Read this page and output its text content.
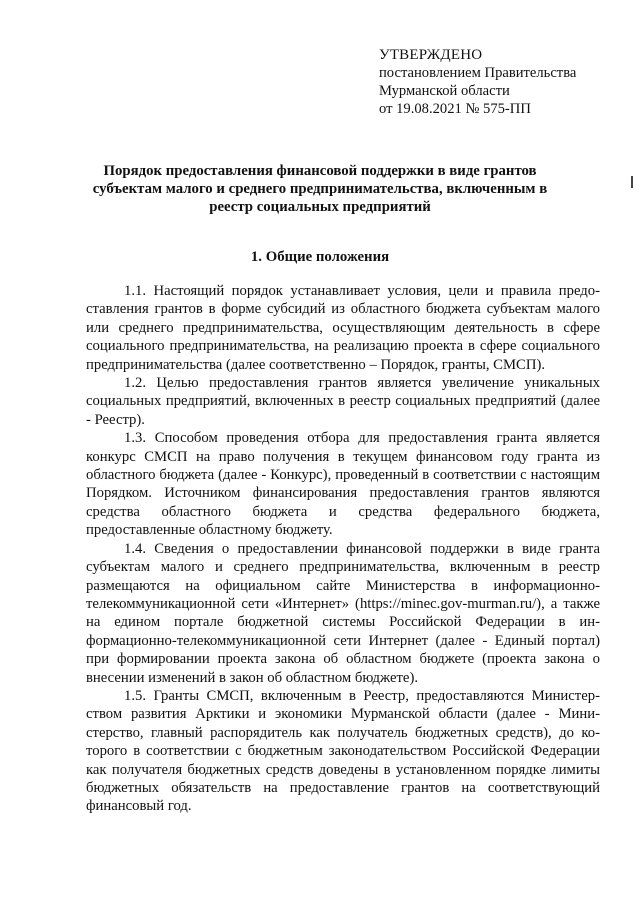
УТВЕРЖДЕНО
постановлением Правительства
Мурманской области
от 19.08.2021 № 575-ПП
Порядок предоставления финансовой поддержки в виде грантов субъектам малого и среднего предпринимательства, включенным в реестр социальных предприятий
1. Общие положения

1.1. Настоящий порядок устанавливает условия, цели и правила предоставления грантов в форме субсидий из областного бюджета субъектам малого или среднего предпринимательства, осуществляющим деятельность в сфере социального предпринимательства, на реализацию проекта в сфере социального предпринимательства (далее соответственно – Порядок, гранты, СМСП).

1.2. Целью предоставления грантов является увеличение уникальных социальных предприятий, включенных в реестр социальных предприятий (далее - Реестр).

1.3. Способом проведения отбора для предоставления гранта является конкурс СМСП на право получения в текущем финансовом году гранта из областного бюджета (далее - Конкурс), проведенный в соответствии с настоящим Порядком. Источником финансирования предоставления грантов являются средства областного бюджета и средства федерального бюджета, предоставленные областному бюджету.

1.4. Сведения о предоставлении финансовой поддержки в виде гранта субъектам малого и среднего предпринимательства, включенным в реестр размещаются на официальном сайте Министерства в информационно-телекоммуникационной сети «Интернет» (https://minec.gov-murman.ru/), а также на едином портале бюджетной системы Российской Федерации в информационно-телекоммуникационной сети Интернет (далее - Единый портал) при формировании проекта закона об областном бюджете (проекта закона о внесении изменений в закон об областном бюджете).

1.5. Гранты СМСП, включенным в Реестр, предоставляются Министерством развития Арктики и экономики Мурманской области (далее - Министерство, главный распорядитель как получатель бюджетных средств), до которого в соответствии с бюджетным законодательством Российской Федерации как получателя бюджетных средств доведены в установленном порядке лимиты бюджетных обязательств на предоставление грантов на соответствующий финансовый год.
